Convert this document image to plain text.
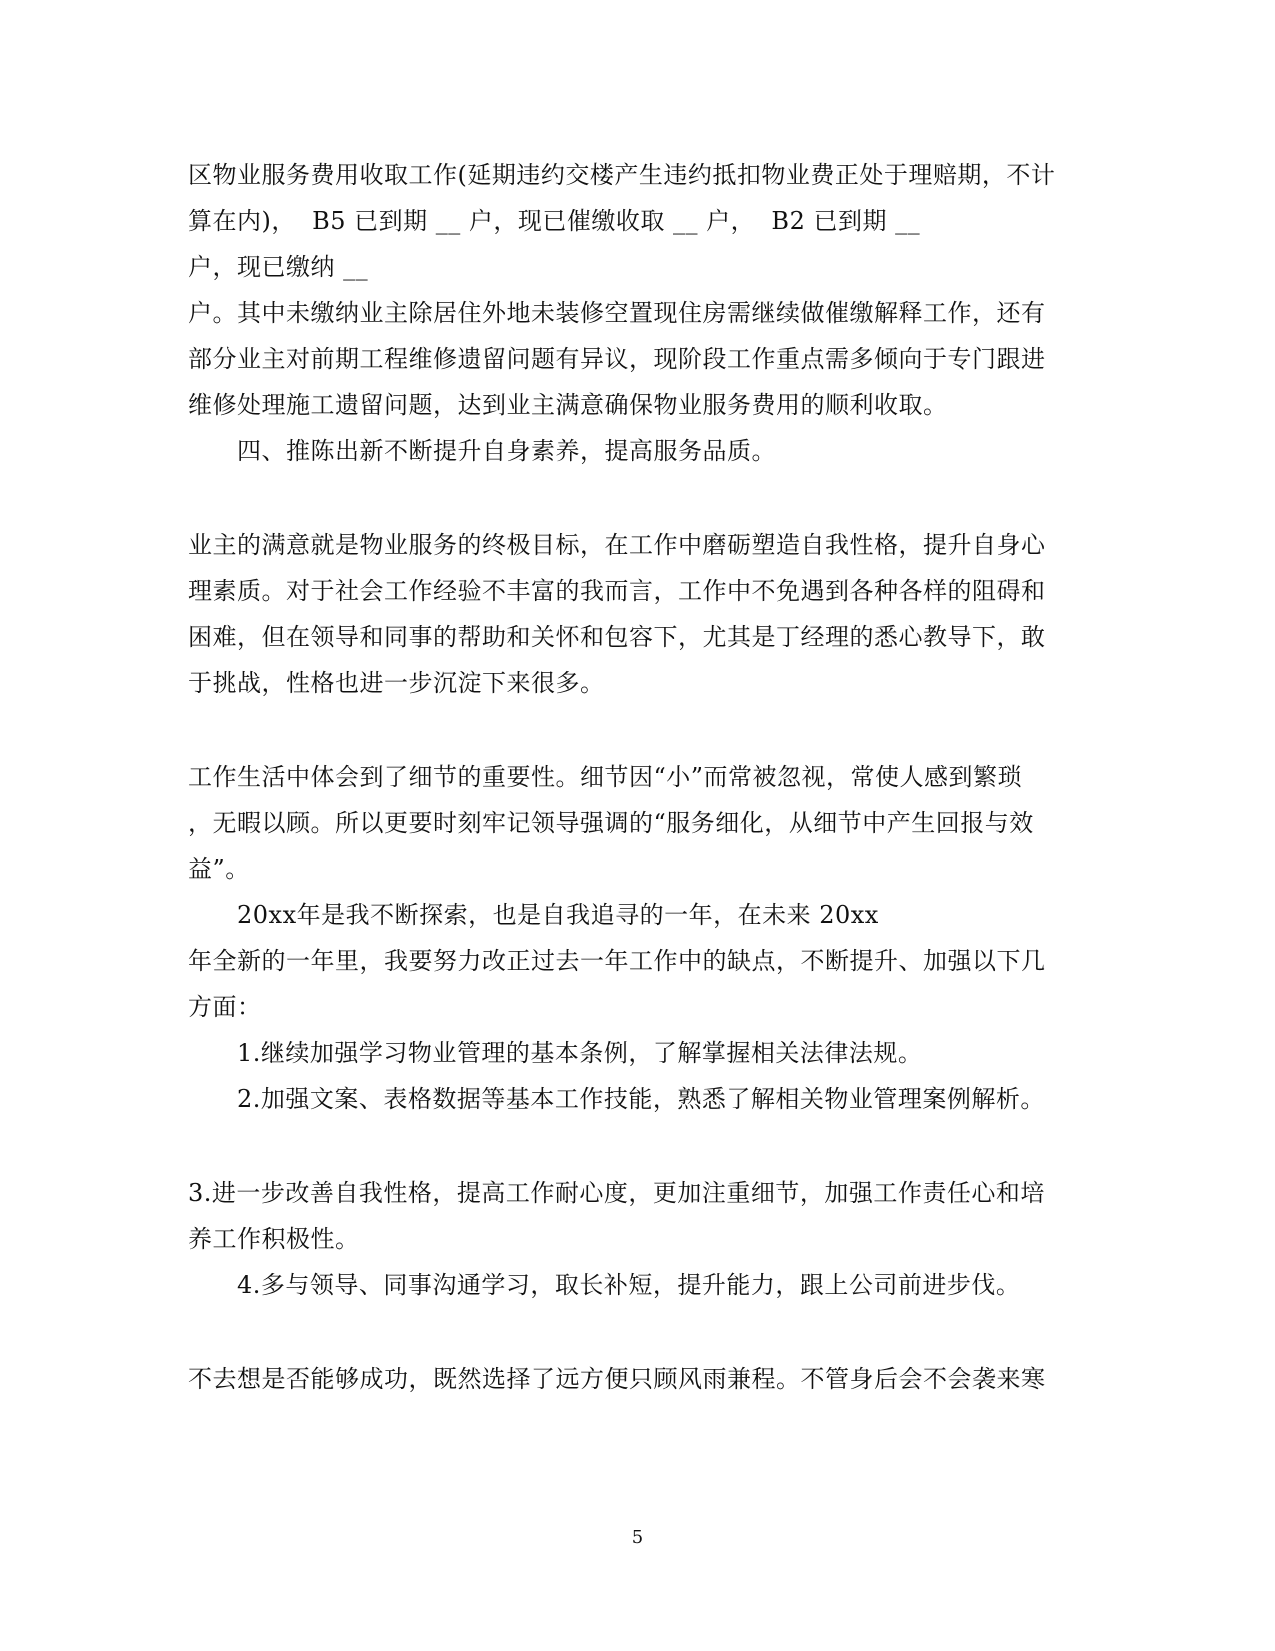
区物业服务费用收取工作(延期违约交楼产生违约抵扣物业费正处于理赔期，不计
算在内)，  B5 已到期 __ 户，现已催缴收取 __ 户，  B2 已到期 __
户，现已缴纳 __
户。其中未缴纳业主除居住外地未装修空置现住房需继续做催缴解释工作，还有
部分业主对前期工程维修遗留问题有异议，现阶段工作重点需多倾向于专门跟进
维修处理施工遗留问题，达到业主满意确保物业服务费用的顺利收取。
四、推陈出新不断提升自身素养，提高服务品质。
业主的满意就是物业服务的终极目标，在工作中磨砺塑造自我性格，提升自身心
理素质。对于社会工作经验不丰富的我而言，工作中不免遇到各种各样的阻碍和
困难，但在领导和同事的帮助和关怀和包容下，尤其是丁经理的悉心教导下，敢
于挑战，性格也进一步沉淀下来很多。
工作生活中体会到了细节的重要性。细节因“小”而常被忽视，常使人感到繁琐
，无暇以顾。所以更要时刻牢记领导强调的“服务细化，从细节中产生回报与效
益”。
20xx年是我不断探索，也是自我追寻的一年，在未来 20xx
年全新的一年里，我要努力改正过去一年工作中的缺点，不断提升、加强以下几
方面：
1.继续加强学习物业管理的基本条例，了解掌握相关法律法规。
2.加强文案、表格数据等基本工作技能，熟悉了解相关物业管理案例解析。
3.进一步改善自我性格，提高工作耐心度，更加注重细节，加强工作责任心和培
养工作积极性。
4.多与领导、同事沟通学习，取长补短，提升能力，跟上公司前进步伐。
不去想是否能够成功，既然选择了远方便只顾风雨兼程。不管身后会不会袭来寒
5
